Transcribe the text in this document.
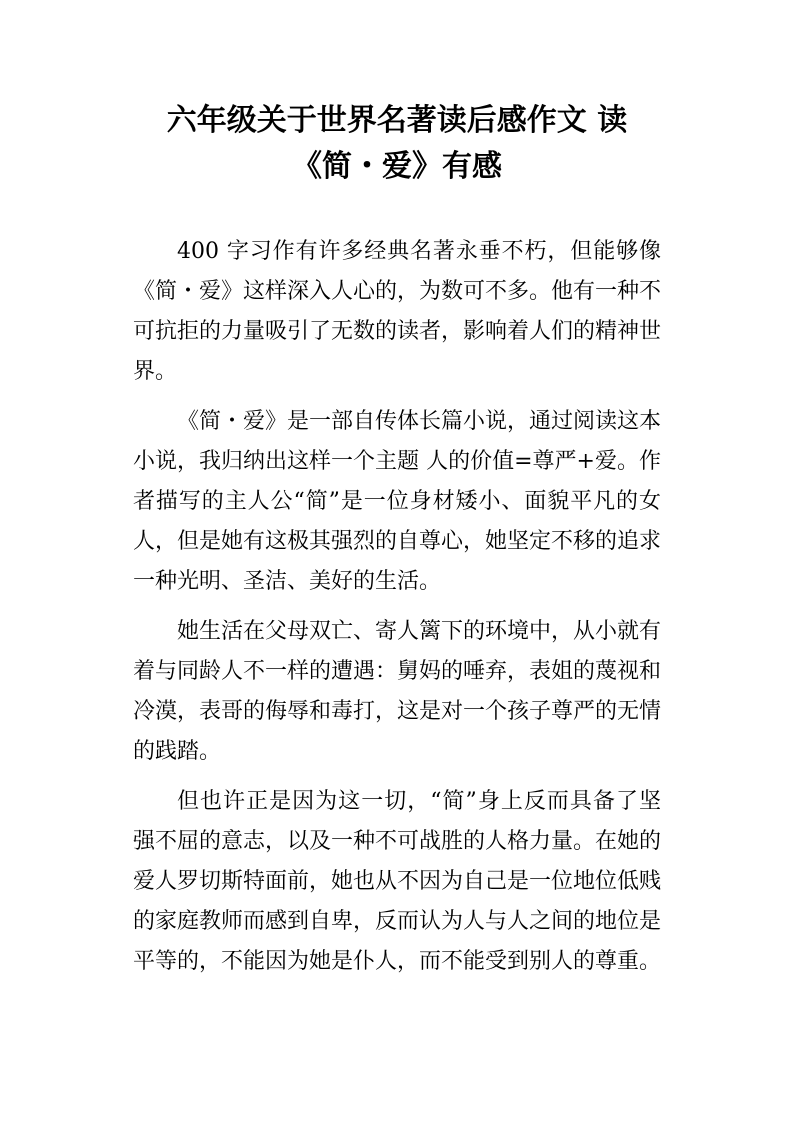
六年级关于世界名著读后感作文 读
《简・爱》有感

400 字习作有许多经典名著永垂不朽，但能够像《简・爱》这样深入人心的，为数可不多。他有一种不可抗拒的力量吸引了无数的读者，影响着人们的精神世界。

《简・爱》是一部自传体长篇小说，通过阅读这本小说，我归纳出这样一个主题 人的价值=尊严+爱。作者描写的主人公“简”是一位身材矮小、面貌平凡的女人，但是她有这极其强烈的自尊心，她坚定不移的追求一种光明、圣洁、美好的生活。

她生活在父母双亡、寄人篱下的环境中，从小就有着与同龄人不一样的遭遇：舅妈的唾弃，表姐的蔑视和冷漠，表哥的侮辱和毒打，这是对一个孩子尊严的无情的践踏。

但也许正是因为这一切，“简”身上反而具备了坚强不屈的意志，以及一种不可战胜的人格力量。在她的爱人罗切斯特面前，她也从不因为自己是一位地位低贱的家庭教师而感到自卑，反而认为人与人之间的地位是平等的，不能因为她是仆人，而不能受到别人的尊重。
